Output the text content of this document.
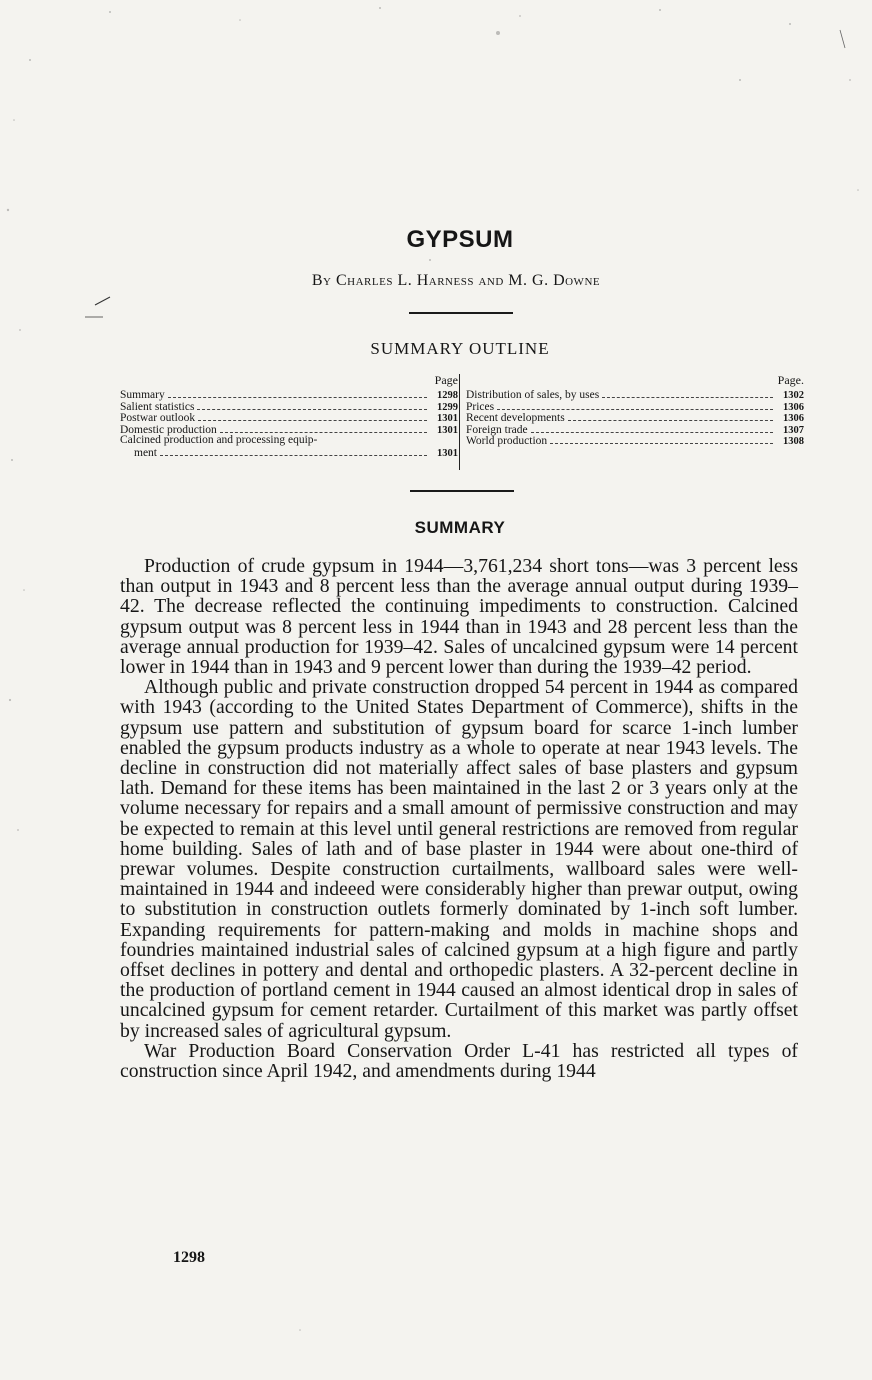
GYPSUM
By Charles L. Harness and M. G. Downe
SUMMARY OUTLINE
Page
Summary	1298
Salient statistics	1299
Postwar outlook	1301
Domestic production	1301
Calcined production and processing equip-
ment	1301
Page.
Distribution of sales, by uses	1302
Prices	1306
Recent developments	1306
Foreign trade	1307
World production	1308
SUMMARY

Production of crude gypsum in 1944—3,761,234 short tons—was 3 percent less than output in 1943 and 8 percent less than the average annual output during 1939–42. The decrease reflected the continuing impediments to construction. Calcined gypsum output was 8 percent less in 1944 than in 1943 and 28 percent less than the average annual production for 1939–42. Sales of uncalcined gypsum were 14 percent lower in 1944 than in 1943 and 9 percent lower than during the 1939–42 period.

Although public and private construction dropped 54 percent in 1944 as compared with 1943 (according to the United States Department of Commerce), shifts in the gypsum use pattern and substitution of gypsum board for scarce 1-inch lumber enabled the gypsum products industry as a whole to operate at near 1943 levels. The decline in construction did not materially affect sales of base plasters and gypsum lath. Demand for these items has been maintained in the last 2 or 3 years only at the volume necessary for repairs and a small amount of permissive construction and may be expected to remain at this level until general restrictions are removed from regular home building. Sales of lath and of base plaster in 1944 were about one-third of prewar volumes. Despite construction curtailments, wallboard sales were well-maintained in 1944 and indeeed were considerably higher than prewar output, owing to substitution in construction outlets formerly dominated by 1-inch soft lumber. Expanding requirements for pattern-making and molds in machine shops and foundries maintained industrial sales of calcined gypsum at a high figure and partly offset declines in pottery and dental and orthopedic plasters. A 32-percent decline in the production of portland cement in 1944 caused an almost identical drop in sales of uncalcined gypsum for cement retarder. Curtailment of this market was partly offset by increased sales of agricultural gypsum.

War Production Board Conservation Order L-41 has restricted all types of construction since April 1942, and amendments during 1944

1298
